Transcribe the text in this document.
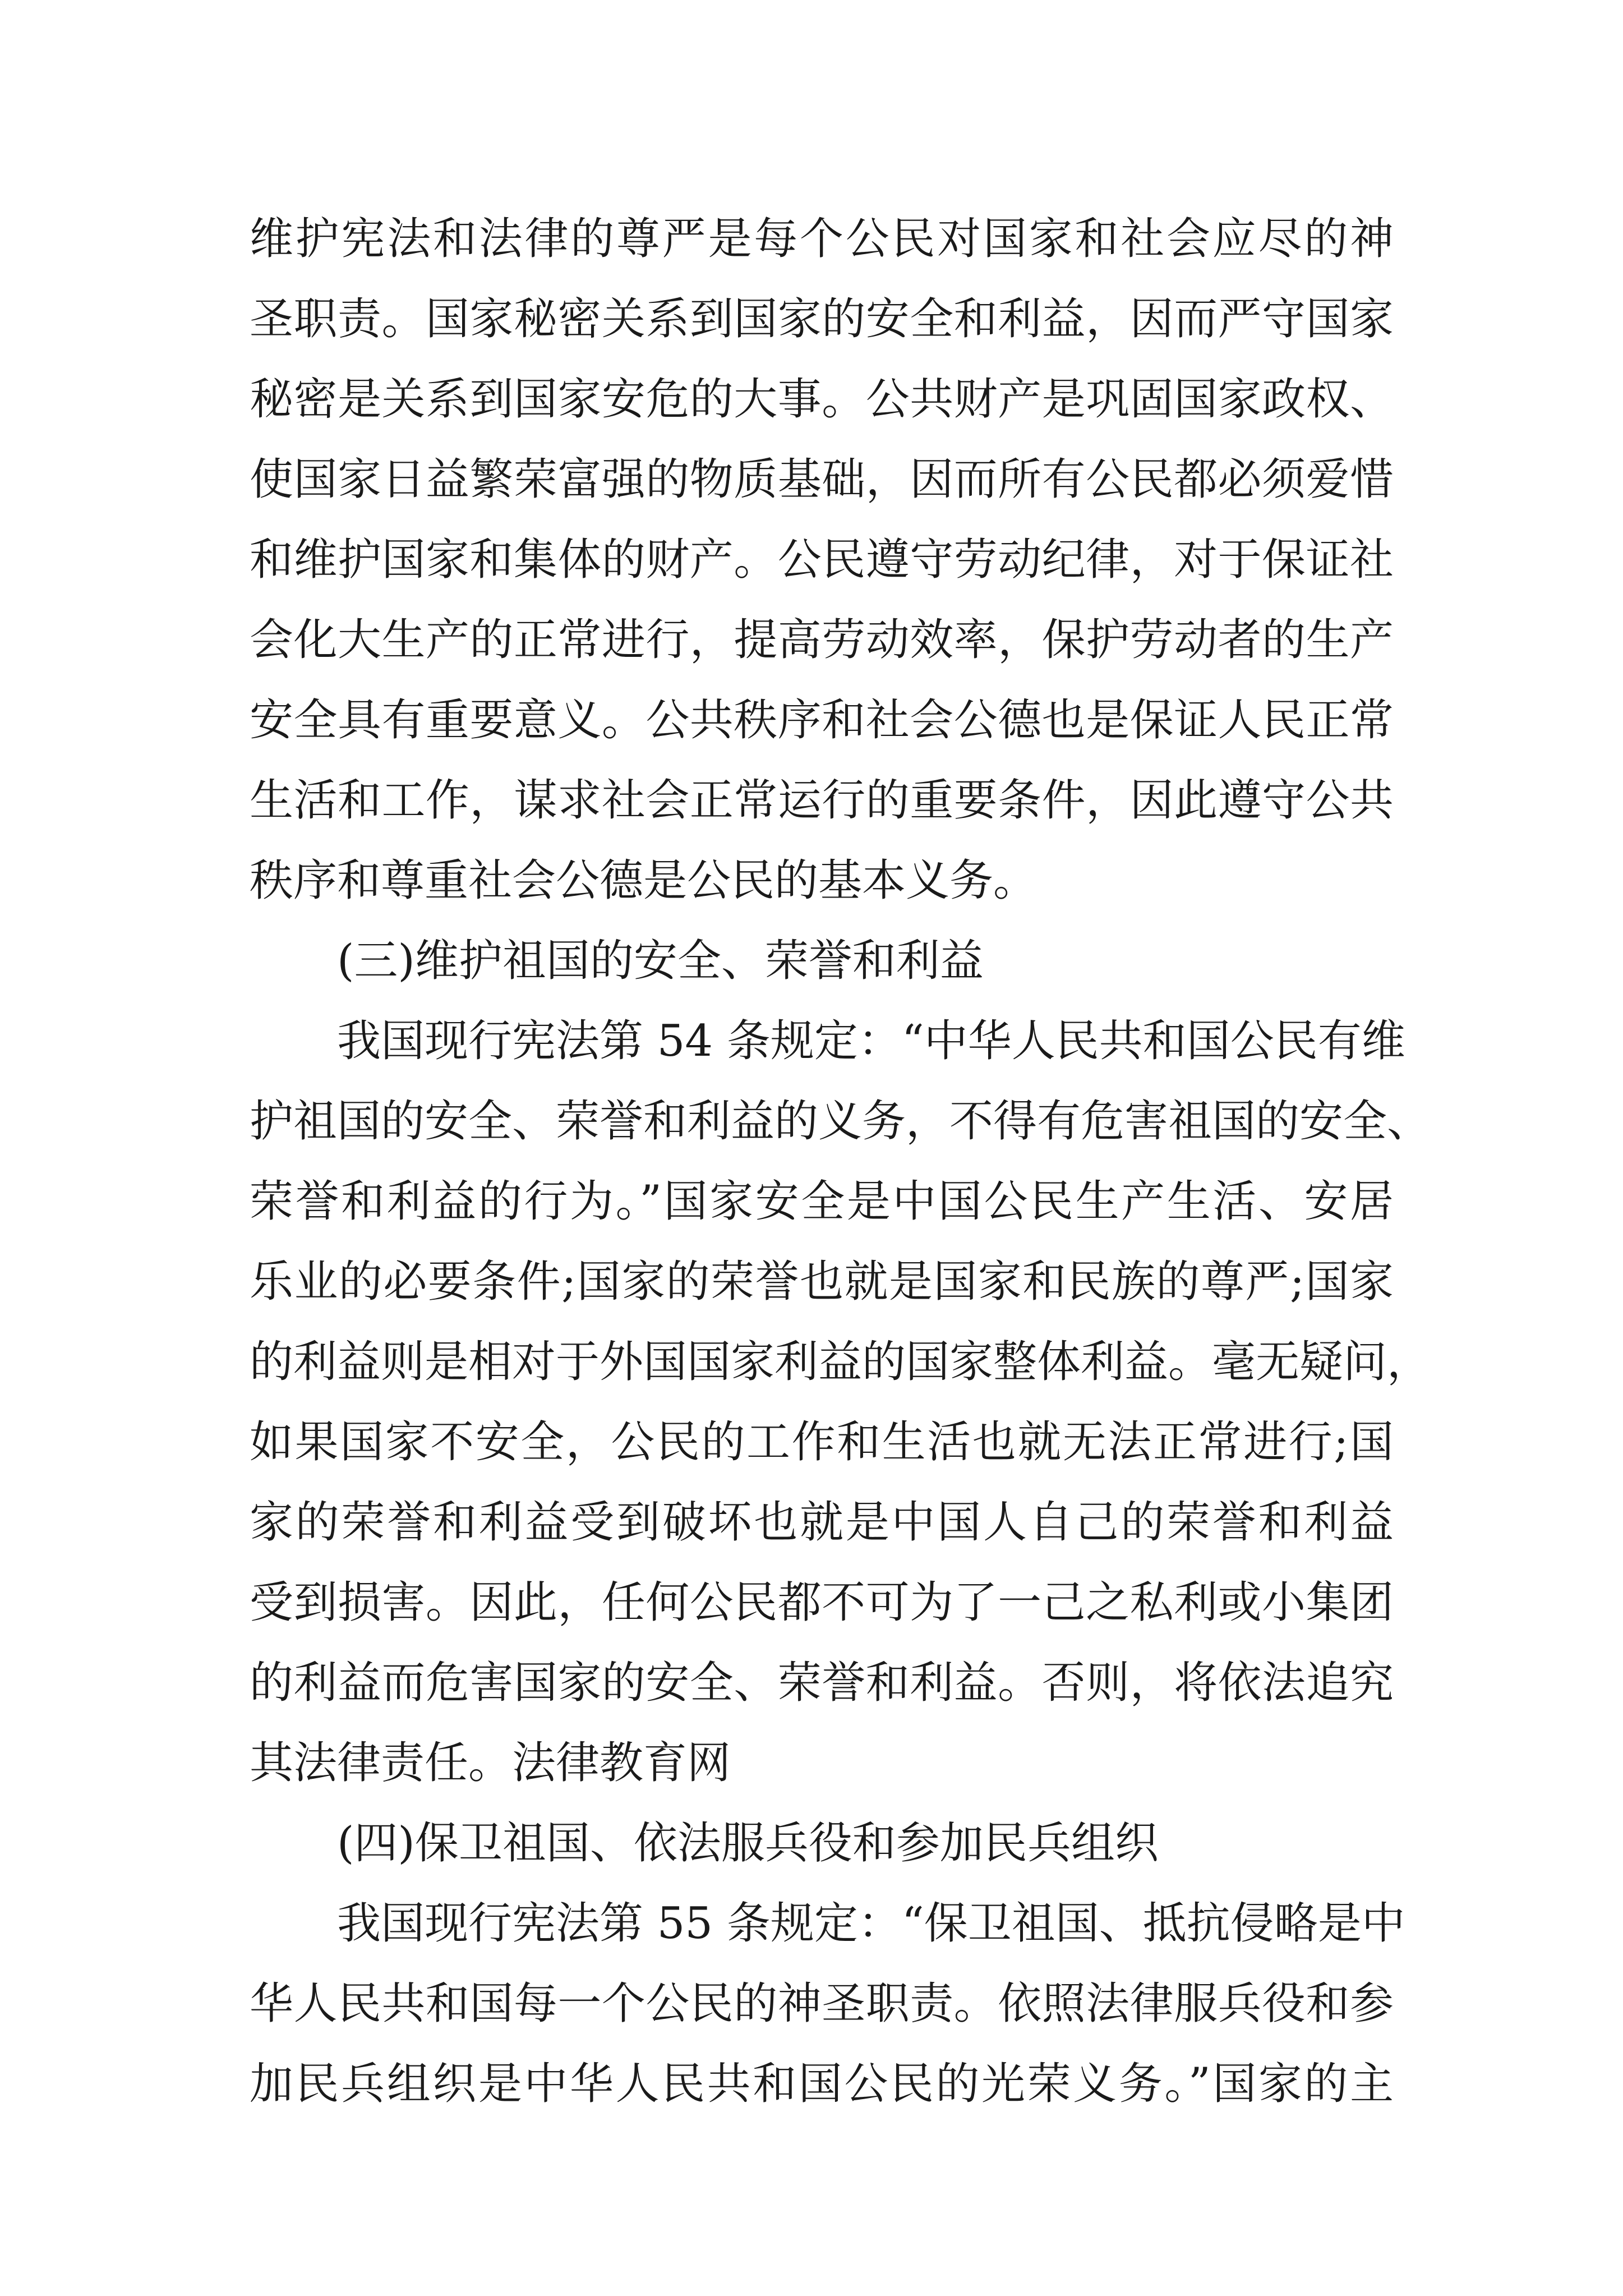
维护宪法和法律的尊严是每个公民对国家和社会应尽的神
圣职责。国家秘密关系到国家的安全和利益，因而严守国家
秘密是关系到国家安危的大事。公共财产是巩固国家政权、
使国家日益繁荣富强的物质基础，因而所有公民都必须爱惜
和维护国家和集体的财产。公民遵守劳动纪律，对于保证社
会化大生产的正常进行，提高劳动效率，保护劳动者的生产
安全具有重要意义。公共秩序和社会公德也是保证人民正常
生活和工作，谋求社会正常运行的重要条件，因此遵守公共
秩序和尊重社会公德是公民的基本义务。
(三)维护祖国的安全、荣誉和利益
我国现行宪法第 54 条规定：“中华人民共和国公民有维
护祖国的安全、荣誉和利益的义务，不得有危害祖国的安全、
荣誉和利益的行为。”国家安全是中国公民生产生活、安居
乐业的必要条件;国家的荣誉也就是国家和民族的尊严;国家
的利益则是相对于外国国家利益的国家整体利益。毫无疑问，
如果国家不安全，公民的工作和生活也就无法正常进行;国
家的荣誉和利益受到破坏也就是中国人自己的荣誉和利益
受到损害。因此，任何公民都不可为了一己之私利或小集团
的利益而危害国家的安全、荣誉和利益。否则，将依法追究
其法律责任。法律教育网
(四)保卫祖国、依法服兵役和参加民兵组织
我国现行宪法第 55 条规定：“保卫祖国、抵抗侵略是中
华人民共和国每一个公民的神圣职责。依照法律服兵役和参
加民兵组织是中华人民共和国公民的光荣义务。”国家的主
